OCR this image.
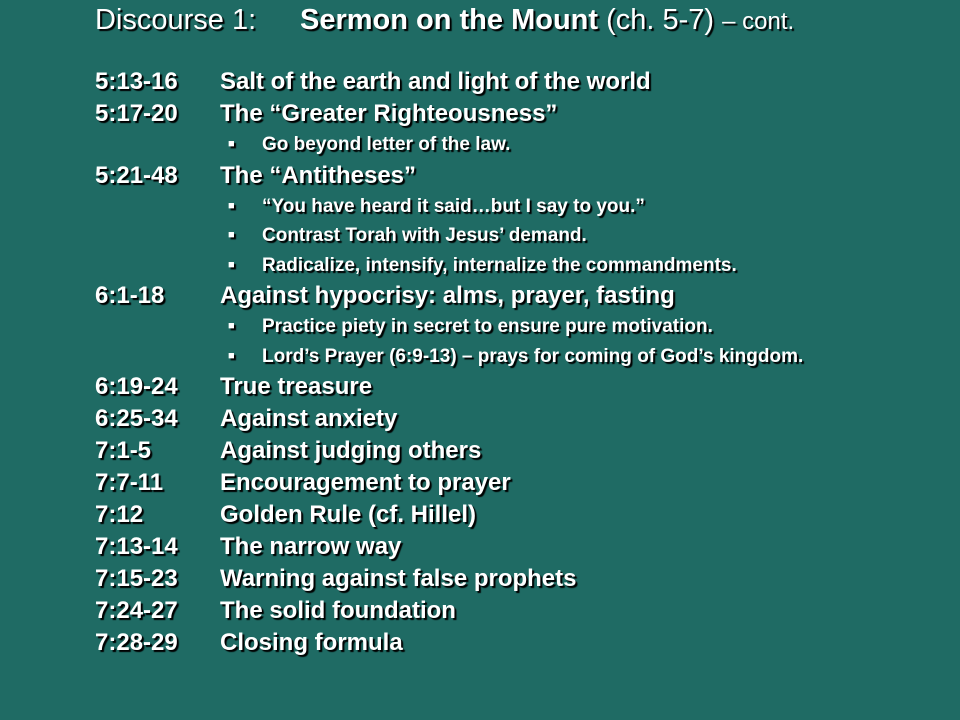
Discourse 1: Sermon on the Mount (ch. 5-7) – cont.
5:13-16	Salt of the earth and light of the world
5:17-20	The “Greater Righteousness”
■	Go beyond letter of the law.
5:21-48	The “Antitheses”
■	“You have heard it said…but I say to you.”
■	Contrast Torah with Jesus’ demand.
■	Radicalize, intensify, internalize the commandments.
6:1-18	Against hypocrisy: alms, prayer, fasting
■	Practice piety in secret to ensure pure motivation.
■	Lord’s Prayer (6:9-13) – prays for coming of God’s kingdom.
6:19-24	True treasure
6:25-34	Against anxiety
7:1-5	Against judging others
7:7-11	Encouragement to prayer
7:12	Golden Rule (cf. Hillel)
7:13-14	The narrow way
7:15-23	Warning against false prophets
7:24-27	The solid foundation
7:28-29	Closing formula
